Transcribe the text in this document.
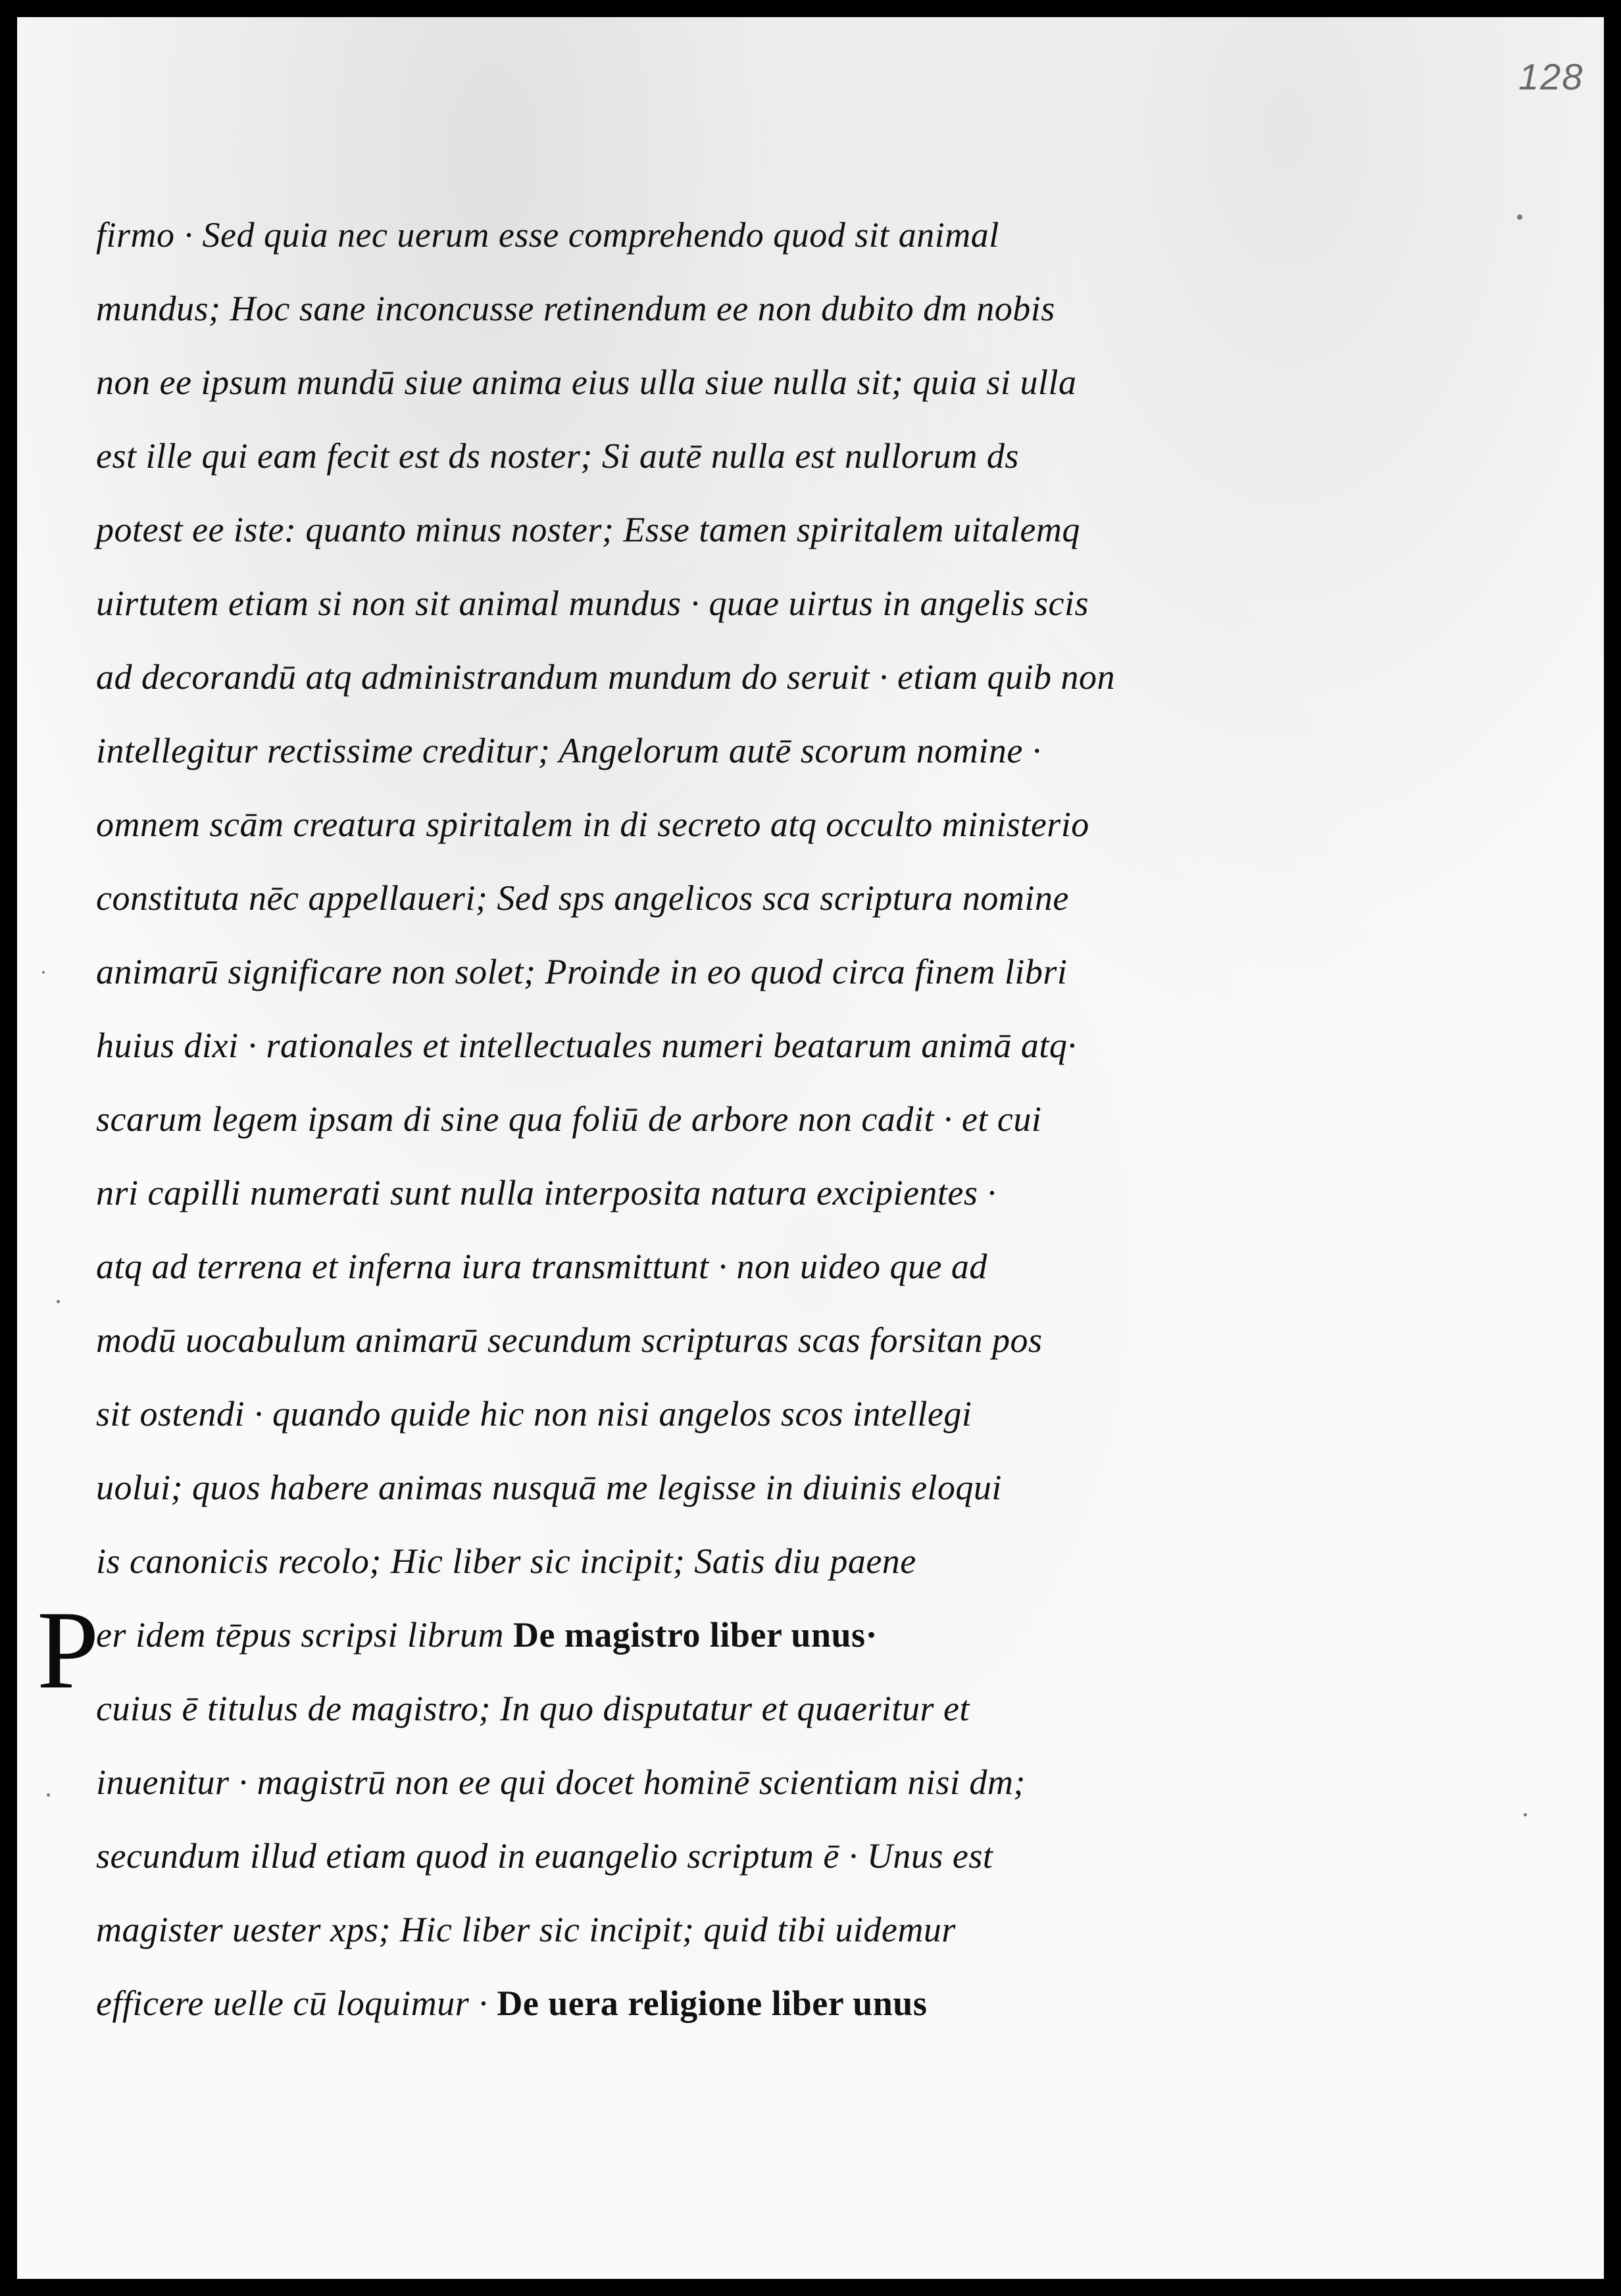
128
firmo · Sed quia nec uerum esse comprehendo quod sit animal
mundus; Hoc sane inconcusse retinendum ee non dubito dm nobis
non ee ipsum mundū siue anima eius ulla siue nulla sit; quia si ulla
est ille qui eam fecit est ds noster; Si autē nulla est nullorum ds
potest ee iste: quanto minus noster; Esse tamen spiritalem uitalemq
uirtutem etiam si non sit animal mundus · quae uirtus in angelis scis
ad decorandū atq administrandum mundum do seruit · etiam quib non
intellegitur rectissime creditur; Angelorum autē scorum nomine ·
omnem scām creatura spiritalem in di secreto atq occulto ministerio
constituta nēc appellaueri; Sed sps angelicos sca scriptura nomine
animarū significare non solet; Proinde in eo quod circa finem libri
huius dixi · rationales et intellectuales numeri beatarum animā atq·
scarum legem ipsam di sine qua foliū de arbore non cadit · et cui
nri capilli numerati sunt nulla interposita natura excipientes ·
atq ad terrena et inferna iura transmittunt · non uideo que ad
modū uocabulum animarū secundum scripturas scas forsitan pos
sit ostendi · quando quide hic non nisi angelos scos intellegi
uolui; quos habere animas nusquā me legisse in diuinis eloqui
is canonicis recolo; Hic liber sic incipit; Satis diu paene
P
er idem tēpus scripsi librum De magistro liber unus·
cuius ē titulus de magistro; In quo disputatur et quaeritur et
inuenitur · magistrū non ee qui docet hominē scientiam nisi dm;
secundum illud etiam quod in euangelio scriptum ē · Unus est
magister uester xps; Hic liber sic incipit; quid tibi uidemur
efficere uelle cū loquimur · De uera religione liber unus
